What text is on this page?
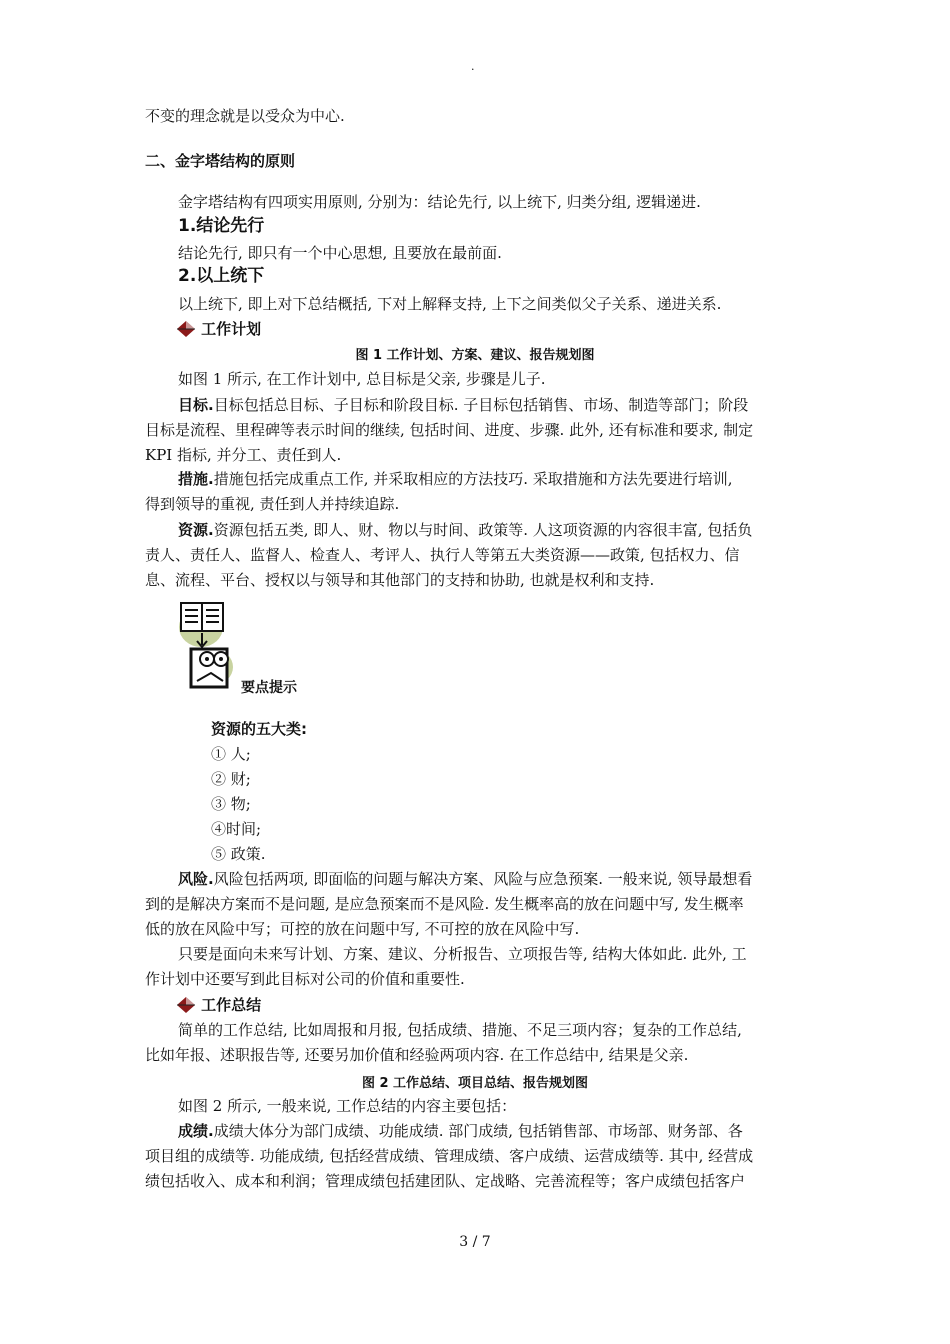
.
不变的理念就是以受众为中心.
二、金字塔结构的原则
金字塔结构有四项实用原则, 分别为：结论先行, 以上统下, 归类分组, 逻辑递进.
1.结论先行
结论先行, 即只有一个中心思想, 且要放在最前面.
2.以上统下
以上统下, 即上对下总结概括, 下对上解释支持, 上下之间类似父子关系、递进关系.
工作计划
图 1 工作计划、方案、建议、报告规划图
如图 1 所示, 在工作计划中, 总目标是父亲, 步骤是儿子.
目标.目标包括总目标、子目标和阶段目标. 子目标包括销售、市场、制造等部门；阶段
目标是流程、里程碑等表示时间的继续, 包括时间、进度、步骤. 此外, 还有标准和要求, 制定
KPI 指标, 并分工、责任到人.
措施.措施包括完成重点工作, 并采取相应的方法技巧. 采取措施和方法先要进行培训,
得到领导的重视, 责任到人并持续追踪.
资源.资源包括五类, 即人、财、物以与时间、政策等. 人这项资源的内容很丰富, 包括负
责人、责任人、监督人、检查人、考评人、执行人等第五大类资源——政策, 包括权力、信
息、流程、平台、授权以与领导和其他部门的支持和协助, 也就是权利和支持.
要点提示
资源的五大类:
① 人;
② 财;
③ 物;
④时间;
⑤ 政策.
风险.风险包括两项, 即面临的问题与解决方案、风险与应急预案. 一般来说, 领导最想看
到的是解决方案而不是问题, 是应急预案而不是风险. 发生概率高的放在问题中写, 发生概率
低的放在风险中写；可控的放在问题中写, 不可控的放在风险中写.
只要是面向未来写计划、方案、建议、分析报告、立项报告等, 结构大体如此. 此外, 工
作计划中还要写到此目标对公司的价值和重要性.
工作总结
简单的工作总结, 比如周报和月报, 包括成绩、措施、不足三项内容；复杂的工作总结,
比如年报、述职报告等, 还要另加价值和经验两项内容. 在工作总结中, 结果是父亲.
图 2 工作总结、项目总结、报告规划图
如图 2 所示, 一般来说, 工作总结的内容主要包括：
成绩.成绩大体分为部门成绩、功能成绩. 部门成绩, 包括销售部、市场部、财务部、各
项目组的成绩等. 功能成绩, 包括经营成绩、管理成绩、客户成绩、运营成绩等. 其中, 经营成
绩包括收入、成本和利润；管理成绩包括建团队、定战略、完善流程等；客户成绩包括客户
3 / 7
